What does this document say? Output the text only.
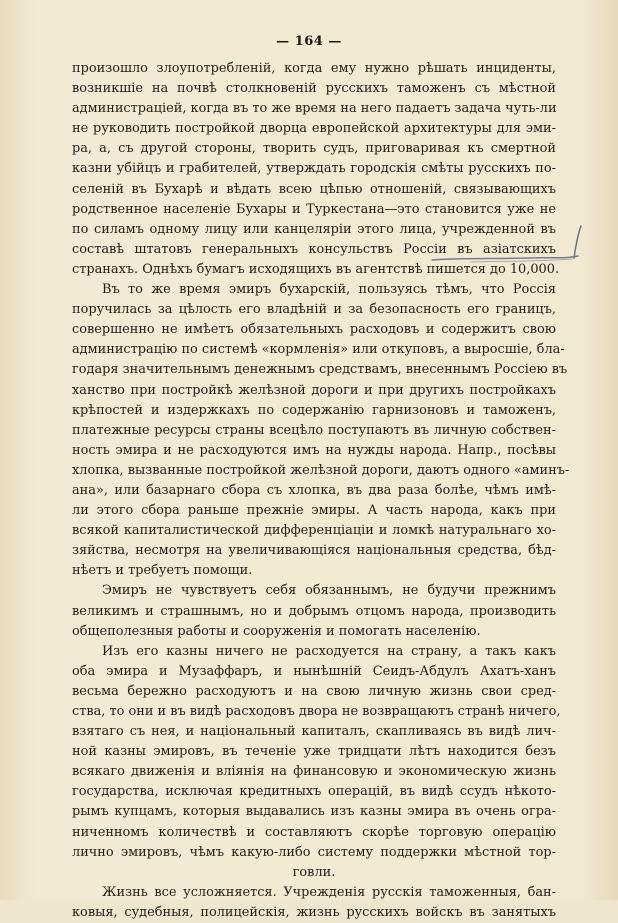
— 164 —
произошло злоупотребленій, когда ему нужно рѣшать инциденты,
возникшіе на почвѣ столкновеній русскихъ таможенъ съ мѣстной
администраціей, когда въ то же время на него падаетъ задача чуть-ли
не руководить постройкой дворца европейской архитектуры для эми-
ра, а, съ другой стороны, творить судъ, приговаривая къ смертной
казни убійцъ и грабителей, утверждать городскія смѣты русскихъ по-
селеній въ Бухарѣ и вѣдать всею цѣпью отношеній, связывающихъ
родственное населеніе Бухары и Туркестана—это становится уже не
по силамъ одному лицу или канцеляріи этого лица, учрежденной въ
составѣ штатовъ генеральныхъ консульствъ Россіи въ азіатскихъ
странахъ. Однѣхъ бумагъ исходящихъ въ агентствѣ пишется до 10,000.
Въ то же время эмиръ бухарскій, пользуясь тѣмъ, что Россія
поручилась за цѣлость его владѣній и за безопасность его границъ,
совершенно не имѣетъ обязательныхъ расходовъ и содержитъ свою
администрацію по системѣ «кормленія» или откуповъ, а выросшіе, бла-
годаря значительнымъ денежнымъ средствамъ, внесеннымъ Россіею въ
ханство при постройкѣ желѣзной дороги и при другихъ постройкахъ
крѣпостей и издержкахъ по содержанію гарнизоновъ и таможенъ,
платежные ресурсы страны всецѣло поступаютъ въ личную собствен-
ность эмира и не расходуются имъ на нужды народа. Напр., посѣвы
хлопка, вызванные постройкой желѣзной дороги, даютъ одного «аминъ-
ана», или базарнаго сбора съ хлопка, въ два раза болѣе, чѣмъ имѣ-
ли этого сбора раньше прежніе эмиры. А часть народа, какъ при
всякой капиталистической дифференціаціи и ломкѣ натуральнаго хо-
зяйства, несмотря на увеличивающіяся національныя средства, бѣд-
нѣетъ и требуетъ помощи.
Эмиръ не чувствуетъ себя обязаннымъ, не будучи прежнимъ
великимъ и страшнымъ, но и добрымъ отцомъ народа, производить
общеполезныя работы и сооруженія и помогать населенію.
Изъ его казны ничего не расходуется на страну, а такъ какъ
оба эмира и Музаффаръ, и нынѣшній Сеидъ-Абдулъ Ахатъ-ханъ
весьма бережно расходуютъ и на свою личную жизнь свои сред-
ства, то они и въ видѣ расходовъ двора не возвращаютъ странѣ ничего,
взятаго съ нея, и національный капиталъ, скапливаясь въ видѣ лич-
ной казны эмировъ, въ теченіе уже тридцати лѣтъ находится безъ
всякаго движенія и вліянія на финансовую и экономическую жизнь
государства, исключая кредитныхъ операцій, въ видѣ ссудъ нѣкото-
рымъ купцамъ, которыя выдавались изъ казны эмира въ очень огра-
ниченномъ количествѣ и составляютъ скорѣе торговую операцію
лично эмировъ, чѣмъ какую-либо систему поддержки мѣстной тор-
говли.
Жизнь все усложняется. Учрежденія русскія таможенныя, бан-
ковыя, судебныя, полицейскія, жизнь русскихъ войскъ въ занятыхъ
